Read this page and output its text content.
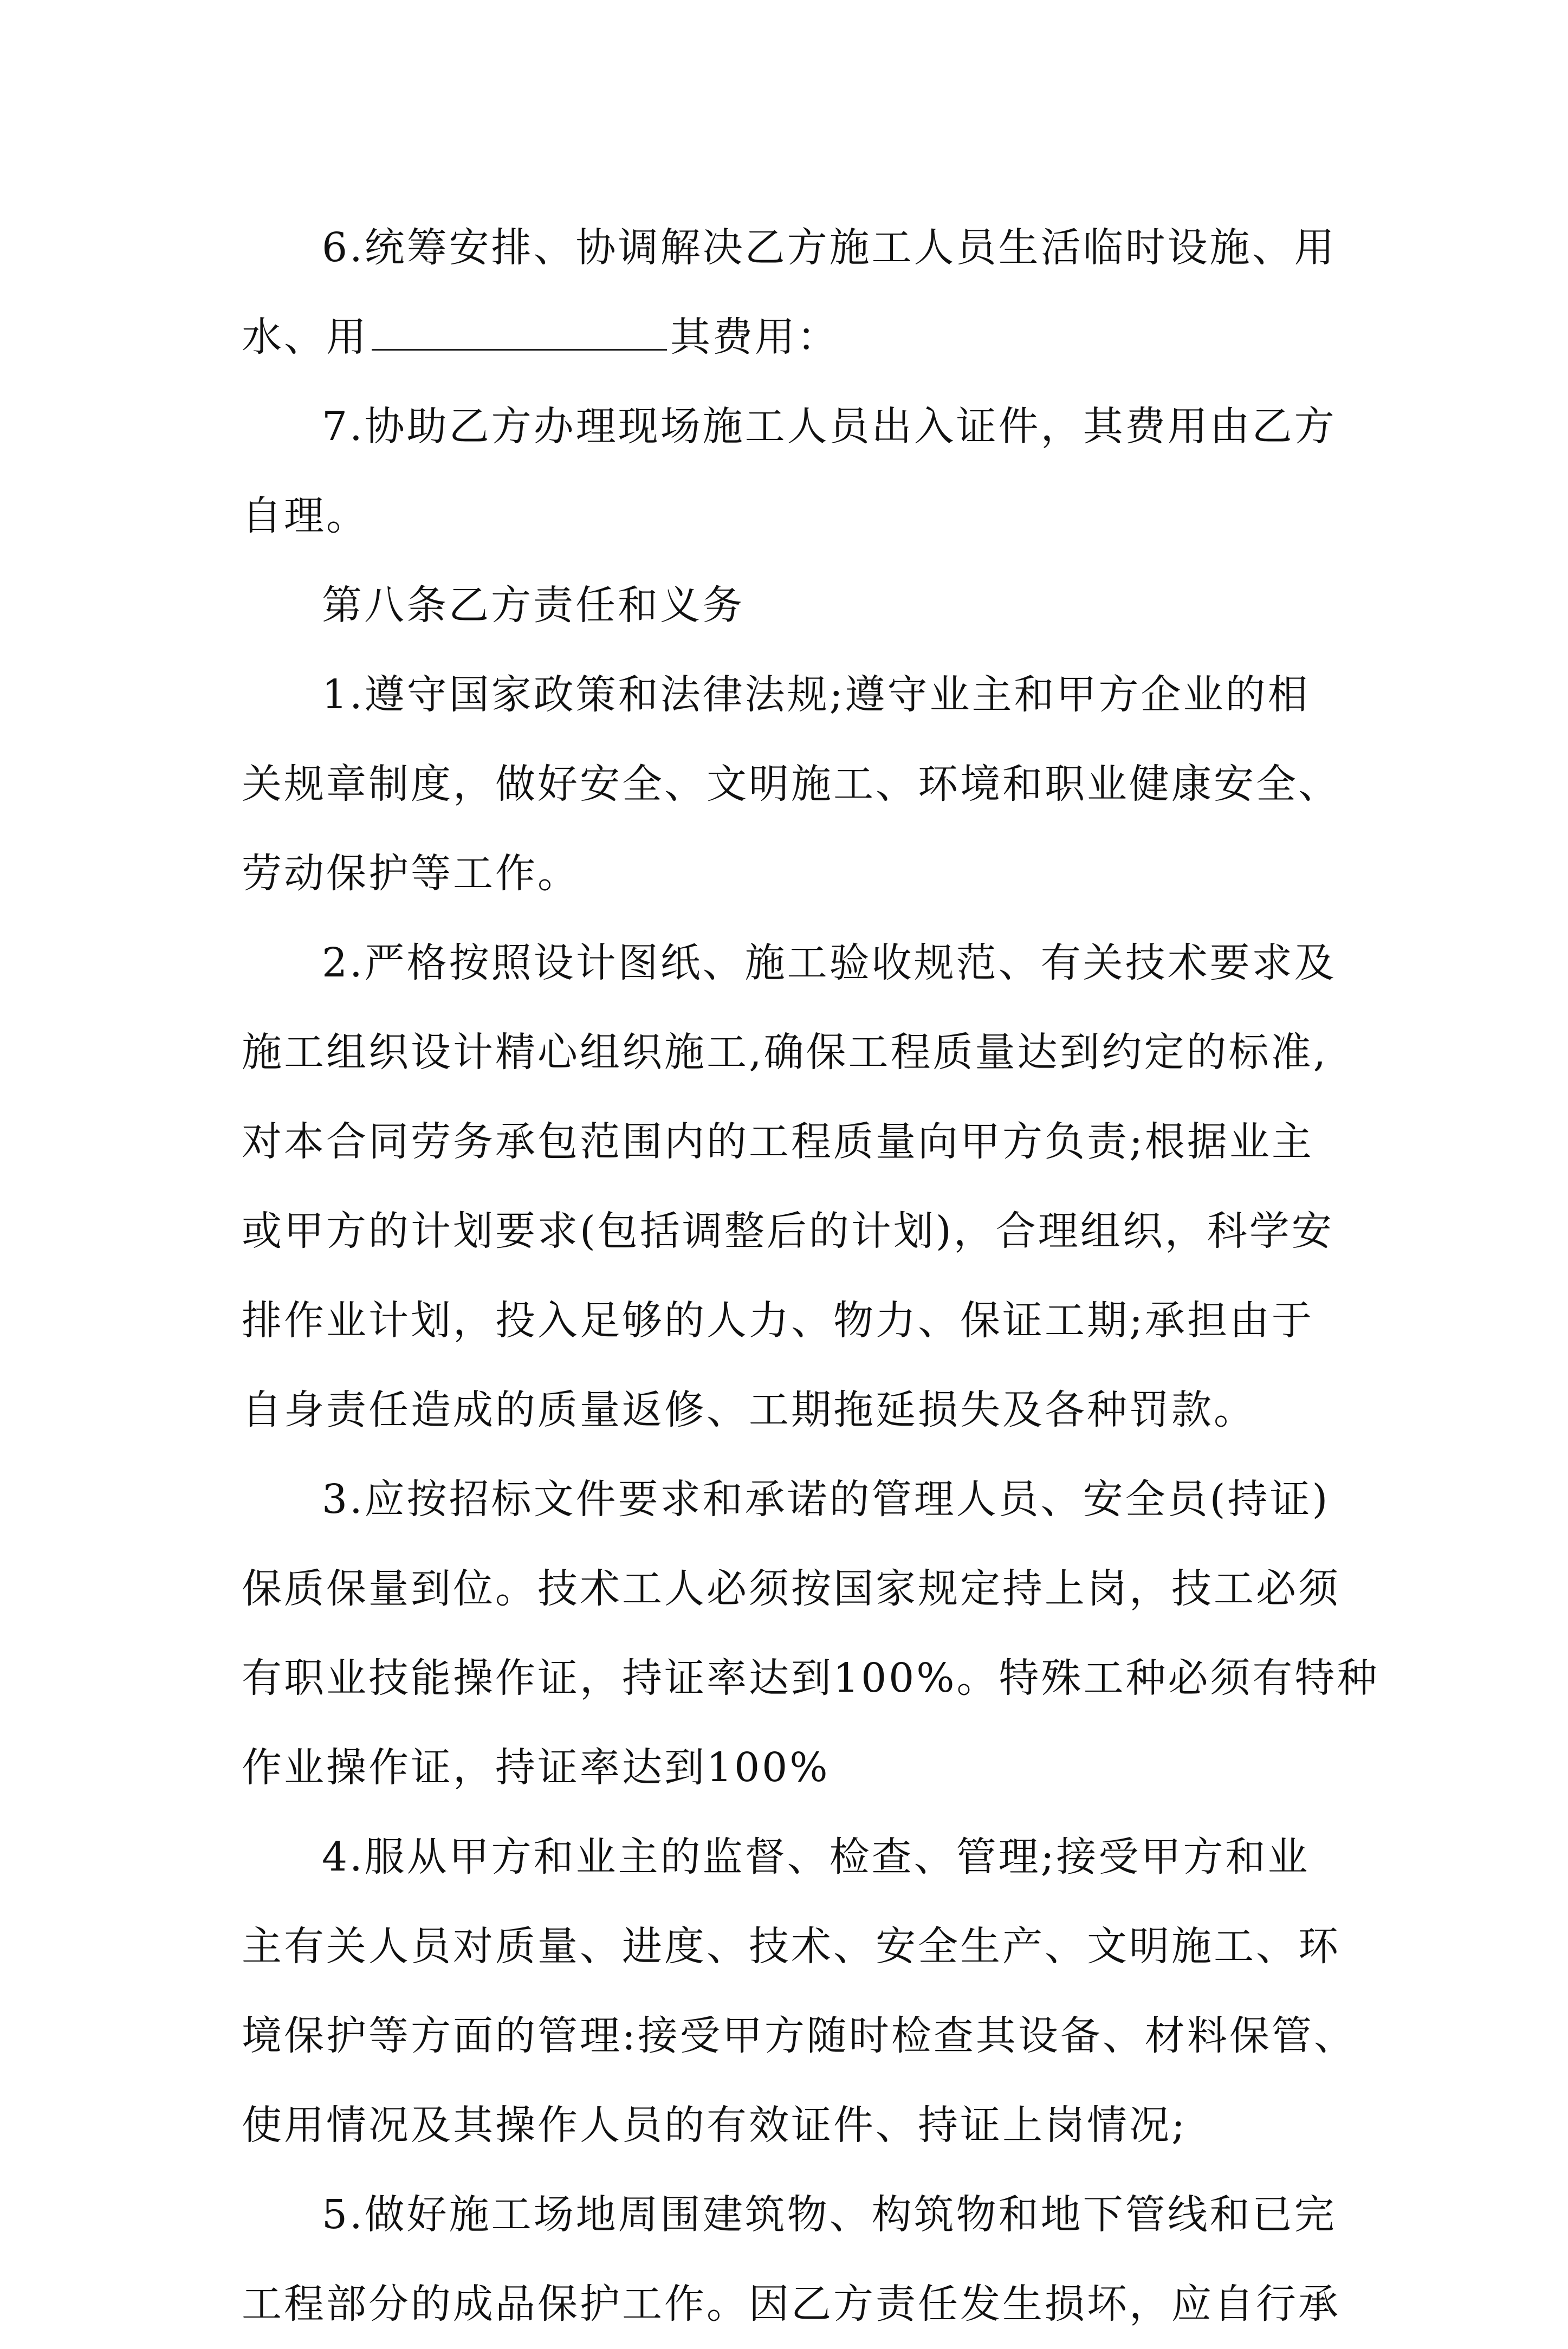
6.统筹安排、协调解决乙方施工人员生活临时设施、用
水、用	其费用：
7.协助乙方办理现场施工人员出入证件，其费用由乙方
自理。
第八条乙方责任和义务
1.遵守国家政策和法律法规;遵守业主和甲方企业的相
关规章制度，做好安全、文明施工、环境和职业健康安全、
劳动保护等工作。
2.严格按照设计图纸、施工验收规范、有关技术要求及
施工组织设计精心组织施工,确保工程质量达到约定的标准,
对本合同劳务承包范围内的工程质量向甲方负责;根据业主
或甲方的计划要求(包括调整后的计划)，合理组织，科学安
排作业计划，投入足够的人力、物力、保证工期;承担由于
自身责任造成的质量返修、工期拖延损失及各种罚款。
3.应按招标文件要求和承诺的管理人员、安全员(持证)
保质保量到位。技术工人必须按国家规定持上岗，技工必须
有职业技能操作证，持证率达到100%。特殊工种必须有特种
作业操作证，持证率达到100%
4.服从甲方和业主的监督、检查、管理;接受甲方和业
主有关人员对质量、进度、技术、安全生产、文明施工、环
境保护等方面的管理:接受甲方随时检查其设备、材料保管、
使用情况及其操作人员的有效证件、持证上岗情况;
5.做好施工场地周围建筑物、构筑物和地下管线和已完
工程部分的成品保护工作。因乙方责任发生损坏，应自行承
